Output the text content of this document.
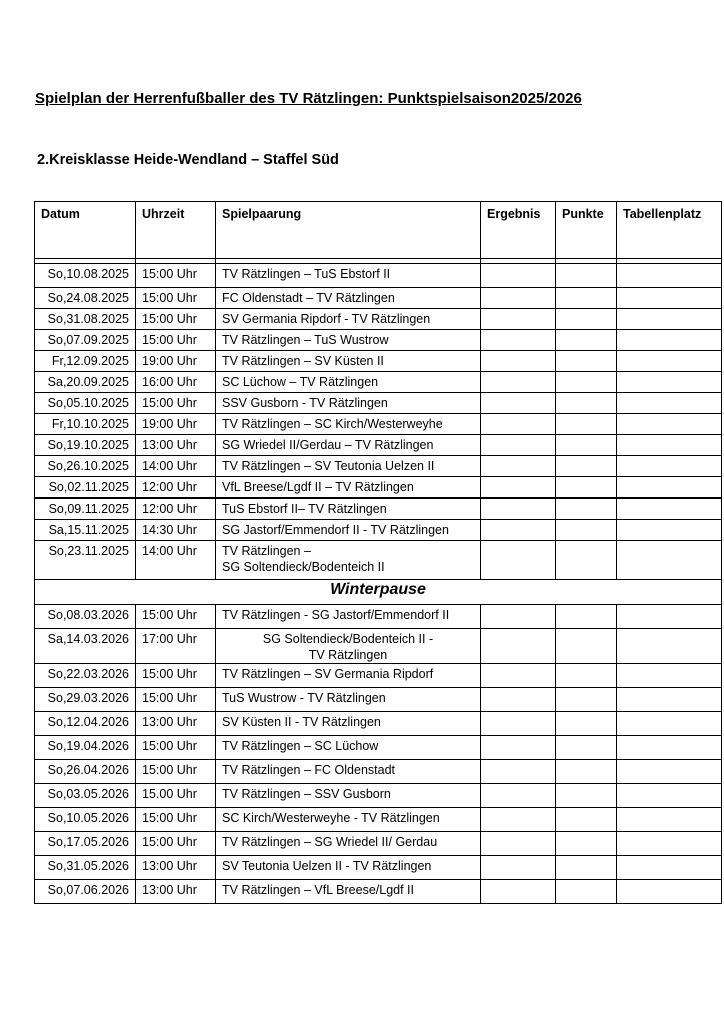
Spielplan der Herrenfußballer des TV Rätzlingen: Punktspielsaison2025/2026
2.Kreisklasse Heide-Wendland – Staffel Süd
Datum	Uhrzeit	Spielpaarung	Ergebnis	Punkte	Tabellenplatz

So,10.08.2025	15:00 Uhr	TV Rätzlingen – TuS Ebstorf II			
So,24.08.2025	15:00 Uhr	FC Oldenstadt – TV Rätzlingen			
So,31.08.2025	15:00 Uhr	SV Germania Ripdorf - TV Rätzlingen			
So,07.09.2025	15:00 Uhr	TV Rätzlingen – TuS Wustrow			
Fr,12.09.2025	19:00 Uhr	TV Rätzlingen – SV Küsten II			
Sa,20.09.2025	16:00 Uhr	SC Lüchow – TV Rätzlingen			
So,05.10.2025	15:00 Uhr	SSV Gusborn - TV Rätzlingen			
Fr,10.10.2025	19:00 Uhr	TV Rätzlingen – SC Kirch/Westerweyhe			
So,19.10.2025	13:00 Uhr	SG Wriedel II/Gerdau – TV Rätzlingen			
So,26.10.2025	14:00 Uhr	TV Rätzlingen – SV Teutonia Uelzen II			
So,02.11.2025	12:00 Uhr	VfL Breese/Lgdf II – TV Rätzlingen			
So,09.11.2025	12:00 Uhr	TuS Ebstorf II– TV Rätzlingen			
Sa,15.11.2025	14:30 Uhr	SG Jastorf/Emmendorf II - TV Rätzlingen			
So,23.11.2025	14:00 Uhr	TV Rätzlingen –
SG Soltendieck/Bodenteich II			

Winterpause					
So,08.03.2026	15:00 Uhr	TV Rätzlingen - SG Jastorf/Emmendorf II			
Sa,14.03.2026	17:00 Uhr	SG Soltendieck/Bodenteich II -
TV Rätzlingen			

So,22.03.2026	15:00 Uhr	TV Rätzlingen – SV Germania Ripdorf			
So,29.03.2026	15:00 Uhr	TuS Wustrow - TV Rätzlingen			
So,12.04.2026	13:00 Uhr	SV Küsten II - TV Rätzlingen			
So,19.04.2026	15:00 Uhr	TV Rätzlingen – SC Lüchow			
So,26.04.2026	15:00 Uhr	TV Rätzlingen – FC Oldenstadt			
So,03.05.2026	15.00 Uhr	TV Rätzlingen – SSV Gusborn			
So,10.05.2026	15:00 Uhr	SC Kirch/Westerweyhe - TV Rätzlingen			
So,17.05.2026	15:00 Uhr	TV Rätzlingen – SG Wriedel II/ Gerdau			
So,31.05.2026	13:00 Uhr	SV Teutonia Uelzen II - TV Rätzlingen			
So,07.06.2026	13:00 Uhr	TV Rätzlingen – VfL Breese/Lgdf II			
